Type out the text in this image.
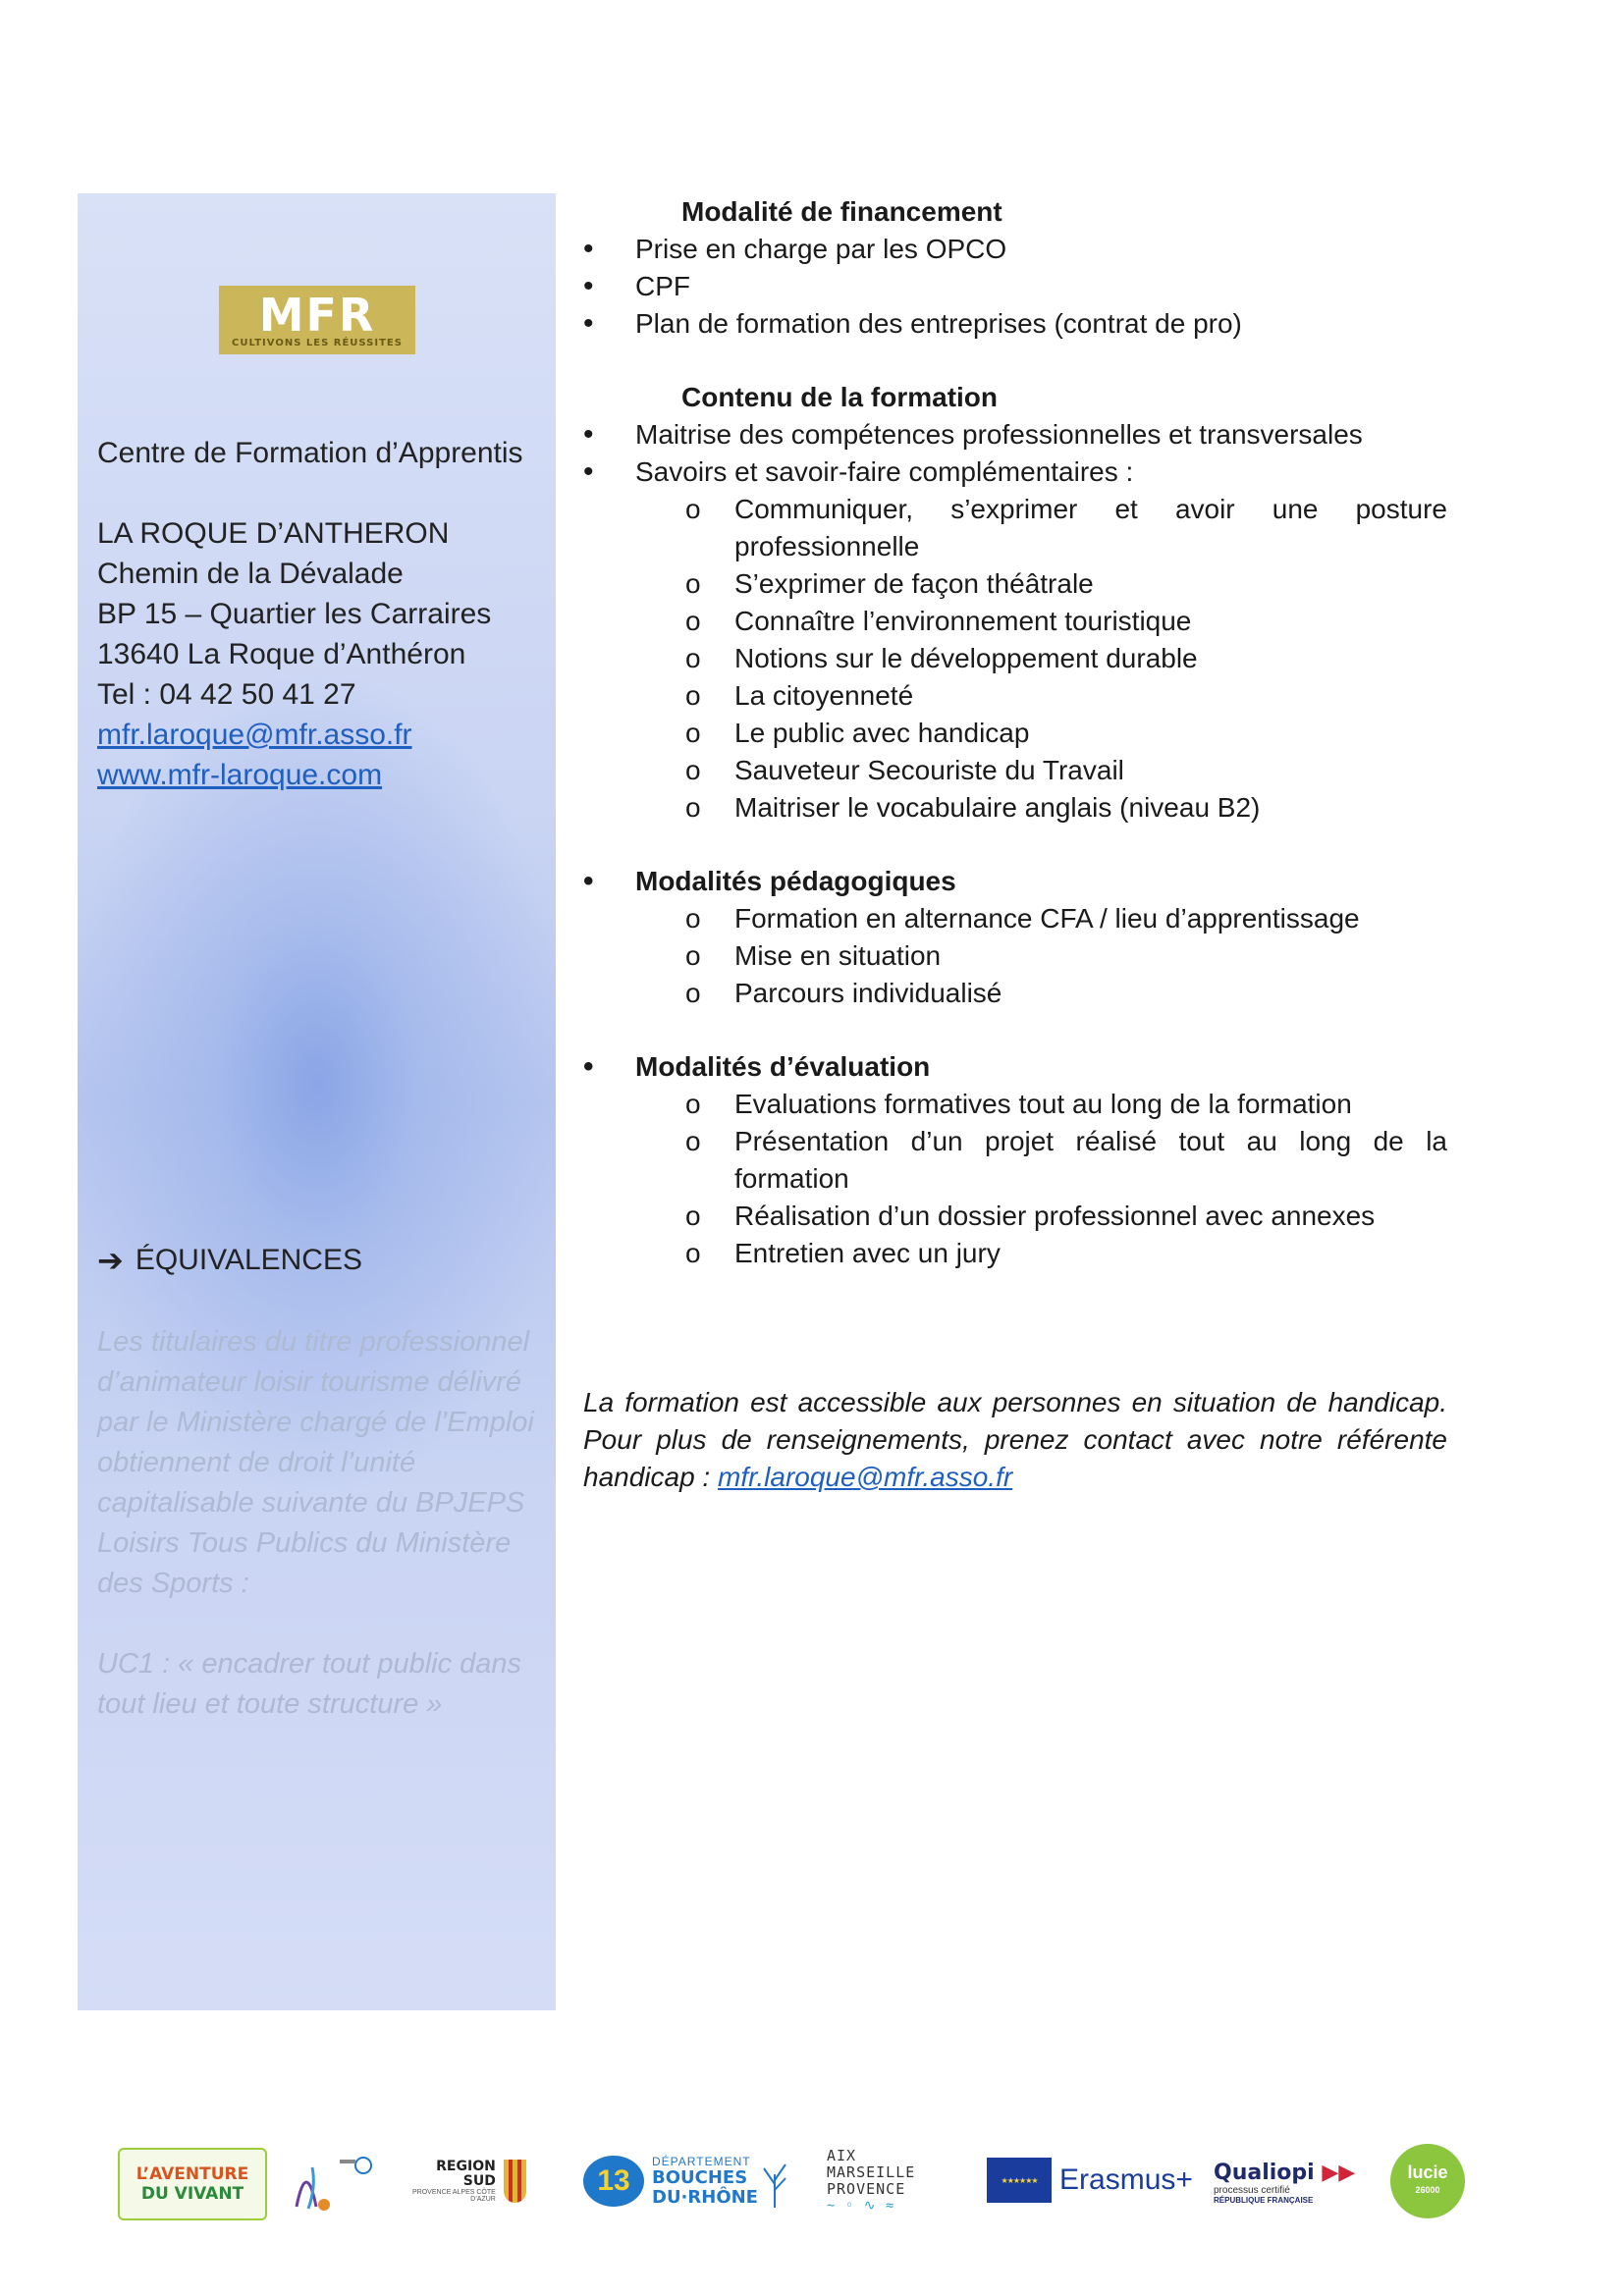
MFR
CULTIVONS LES RÉUSSITES
Centre de Formation d’Apprentis
LA ROQUE D’ANTHERON
Chemin de la Dévalade
BP 15 – Quartier les Carraires
13640 La Roque d’Anthéron
Tel : 04 42 50 41 27
mfr.laroque@mfr.asso.fr
www.mfr-laroque.com
➔ ÉQUIVALENCES

Les titulaires du titre professionnel d’animateur loisir tourisme délivré par le Ministère chargé de l’Emploi obtiennent de droit l’unité capitalisable suivante du BPJEPS Loisirs Tous Publics du Ministère des Sports :

UC1 : « encadrer tout public dans tout lieu et toute structure »

Modalité de financement
• Prise en charge par les OPCO
• CPF
• Plan de formation des entreprises (contrat de pro)
Contenu de la formation
• Maitrise des compétences professionnelles et transversales
• Savoirs et savoir-faire complémentaires :
o Communiquer, s’exprimer et avoir une posture professionnelle
o S’exprimer de façon théâtrale
o Connaître l’environnement touristique
o Notions sur le développement durable
o La citoyenneté
o Le public avec handicap
o Sauveteur Secouriste du Travail
o Maitriser le vocabulaire anglais (niveau B2)
• Modalités pédagogiques
o Formation en alternance CFA / lieu d’apprentissage
o Mise en situation
o Parcours individualisé
• Modalités d’évaluation
o Evaluations formatives tout au long de la formation
o Présentation d’un projet réalisé tout au long de la formation
o Réalisation d’un dossier professionnel avec annexes
o Entretien avec un jury

La formation est accessible aux personnes en situation de handicap. Pour plus de renseignements, prenez contact avec notre référente handicap : mfr.laroque@mfr.asso.fr

L’AVENTURE
DU VIVANT
REGION
SUD
PROVENCE ALPES CÔTE D’AZUR
13
DÉPARTEMENT
BOUCHES
DU·RHÔNE
AIX
MARSEILLE
PROVENCE
∼ ◦ ∿ ≈
★★★★★★ Erasmus+ Qualiopi ▶▶
processus certifié
RÉPUBLIQUE FRANÇAISE
lucie
26000
